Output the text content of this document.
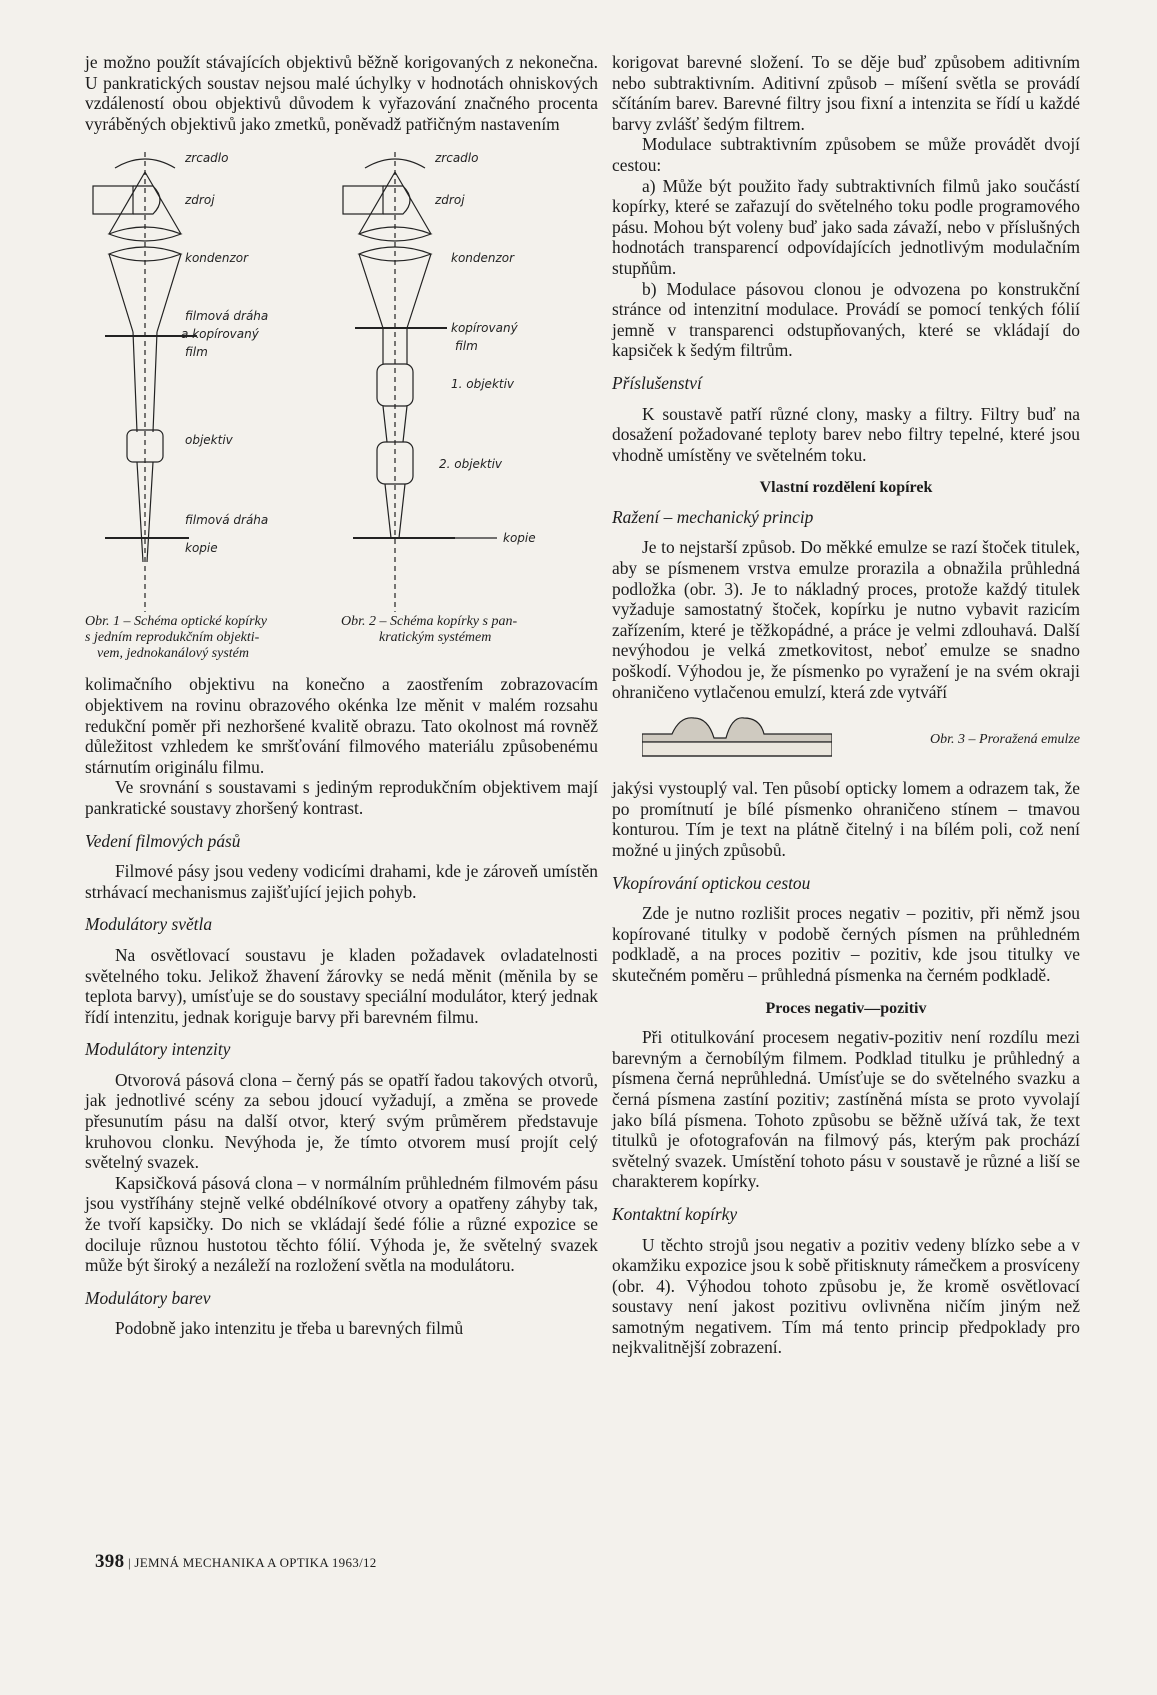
je možno použít stávajících objektivů běžně korigovaných z nekonečna. U pankratických soustav nejsou malé úchylky v hodnotách ohniskových vzdáleností obou objektivů důvodem k vyřazování značného procenta vyráběných objektivů jako zmetků, poněvadž patřičným nastavením

zrcadlo
zdroj
kondenzor
filmová dráha
a kopírovaný
film
objektiv
filmová dráha
kopie
zrcadlo
zdroj
kondenzor
kopírovaný
film
1. objektiv
2. objektiv
kopie
Obr. 1 – Schéma optické kopírky
s jedním reprodukčním objekti-
vem, jednokanálový systém
Obr. 2 – Schéma kopírky s pan-
kratickým systémem

kolimačního objektivu na konečno a zaostřením zobrazovacím objektivem na rovinu obrazového okénka lze měnit v malém rozsahu redukční poměr při nezhoršené kvalitě obrazu. Tato okolnost má rovněž důležitost vzhledem ke smršťování filmového materiálu způsobenému stárnutím originálu filmu.

Ve srovnání s soustavami s jediným reprodukčním objektivem mají pankratické soustavy zhoršený kontrast.

Vedení filmových pásů

Filmové pásy jsou vedeny vodicími drahami, kde je zároveň umístěn strhávací mechanismus zajišťující jejich pohyb.

Modulátory světla

Na osvětlovací soustavu je kladen požadavek ovladatelnosti světelného toku. Jelikož žhavení žárovky se nedá měnit (měnila by se teplota barvy), umísťuje se do soustavy speciální modulátor, který jednak řídí intenzitu, jednak koriguje barvy při barevném filmu.

Modulátory intenzity

Otvorová pásová clona – černý pás se opatří řadou takových otvorů, jak jednotlivé scény za sebou jdoucí vyžadují, a změna se provede přesunutím pásu na další otvor, který svým průměrem představuje kruhovou clonku. Nevýhoda je, že tímto otvorem musí projít celý světelný svazek.

Kapsičková pásová clona – v normálním průhledném filmovém pásu jsou vystříhány stejně velké obdélníkové otvory a opatřeny záhyby tak, že tvoří kapsičky. Do nich se vkládají šedé fólie a různé expozice se dociluje různou hustotou těchto fólií. Výhoda je, že světelný svazek může být široký a nezáleží na rozložení světla na modulátoru.

Modulátory barev

Podobně jako intenzitu je třeba u barevných filmů

korigovat barevné složení. To se děje buď způsobem aditivním nebo subtraktivním. Aditivní způsob – míšení světla se provádí sčítáním barev. Barevné filtry jsou fixní a intenzita se řídí u každé barvy zvlášť šedým filtrem.

Modulace subtraktivním způsobem se může provádět dvojí cestou:

a) Může být použito řady subtraktivních filmů jako součástí kopírky, které se zařazují do světelného toku podle programového pásu. Mohou být voleny buď jako sada závaží, nebo v příslušných hodnotách transparencí odpovídajících jednotlivým modulačním stupňům.

b) Modulace pásovou clonou je odvozena po konstrukční stránce od intenzitní modulace. Provádí se pomocí tenkých fólií jemně v transparenci odstupňovaných, které se vkládají do kapsiček k šedým filtrům.

Příslušenství

K soustavě patří různé clony, masky a filtry. Filtry buď na dosažení požadované teploty barev nebo filtry tepelné, které jsou vhodně umístěny ve světelném toku.

Vlastní rozdělení kopírek
Ražení – mechanický princip

Je to nejstarší způsob. Do měkké emulze se razí štoček titulek, aby se písmenem vrstva emulze prorazila a obnažila průhledná podložka (obr. 3). Je to nákladný proces, protože každý titulek vyžaduje samostatný štoček, kopírku je nutno vybavit razicím zařízením, které je těžkopádné, a práce je velmi zdlouhavá. Další nevýhodou je velká zmetkovitost, neboť emulze se snadno poškodí. Výhodou je, že písmenko po vyražení je na svém okraji ohraničeno vytlačenou emulzí, která zde vytváří

Obr. 3 – Proražená emulze

jakýsi vystouplý val. Ten působí opticky lomem a odrazem tak, že po promítnutí je bílé písmenko ohraničeno stínem – tmavou konturou. Tím je text na plátně čitelný i na bílém poli, což není možné u jiných způsobů.

Vkopírování optickou cestou

Zde je nutno rozlišit proces negativ – pozitiv, při němž jsou kopírované titulky v podobě černých písmen na průhledném podkladě, a na proces pozitiv – pozitiv, kde jsou titulky ve skutečném poměru – průhledná písmenka na černém podkladě.

Proces negativ—pozitiv

Při otitulkování procesem negativ-pozitiv není rozdílu mezi barevným a černobílým filmem. Podklad titulku je průhledný a písmena černá neprůhledná. Umísťuje se do světelného svazku a černá písmena zastíní pozitiv; zastíněná místa se proto vyvolají jako bílá písmena. Tohoto způsobu se běžně užívá tak, že text titulků je ofotografován na filmový pás, kterým pak prochází světelný svazek. Umístění tohoto pásu v soustavě je různé a liší se charakterem kopírky.

Kontaktní kopírky

U těchto strojů jsou negativ a pozitiv vedeny blízko sebe a v okamžiku expozice jsou k sobě přitisknuty rámečkem a prosvíceny (obr. 4). Výhodou tohoto způsobu je, že kromě osvětlovací soustavy není jakost pozitivu ovlivněna ničím jiným než samotným negativem. Tím má tento princip předpoklady pro nejkvalitnější zobrazení.

398 | JEMNÁ MECHANIKA A OPTIKA 1963/12
